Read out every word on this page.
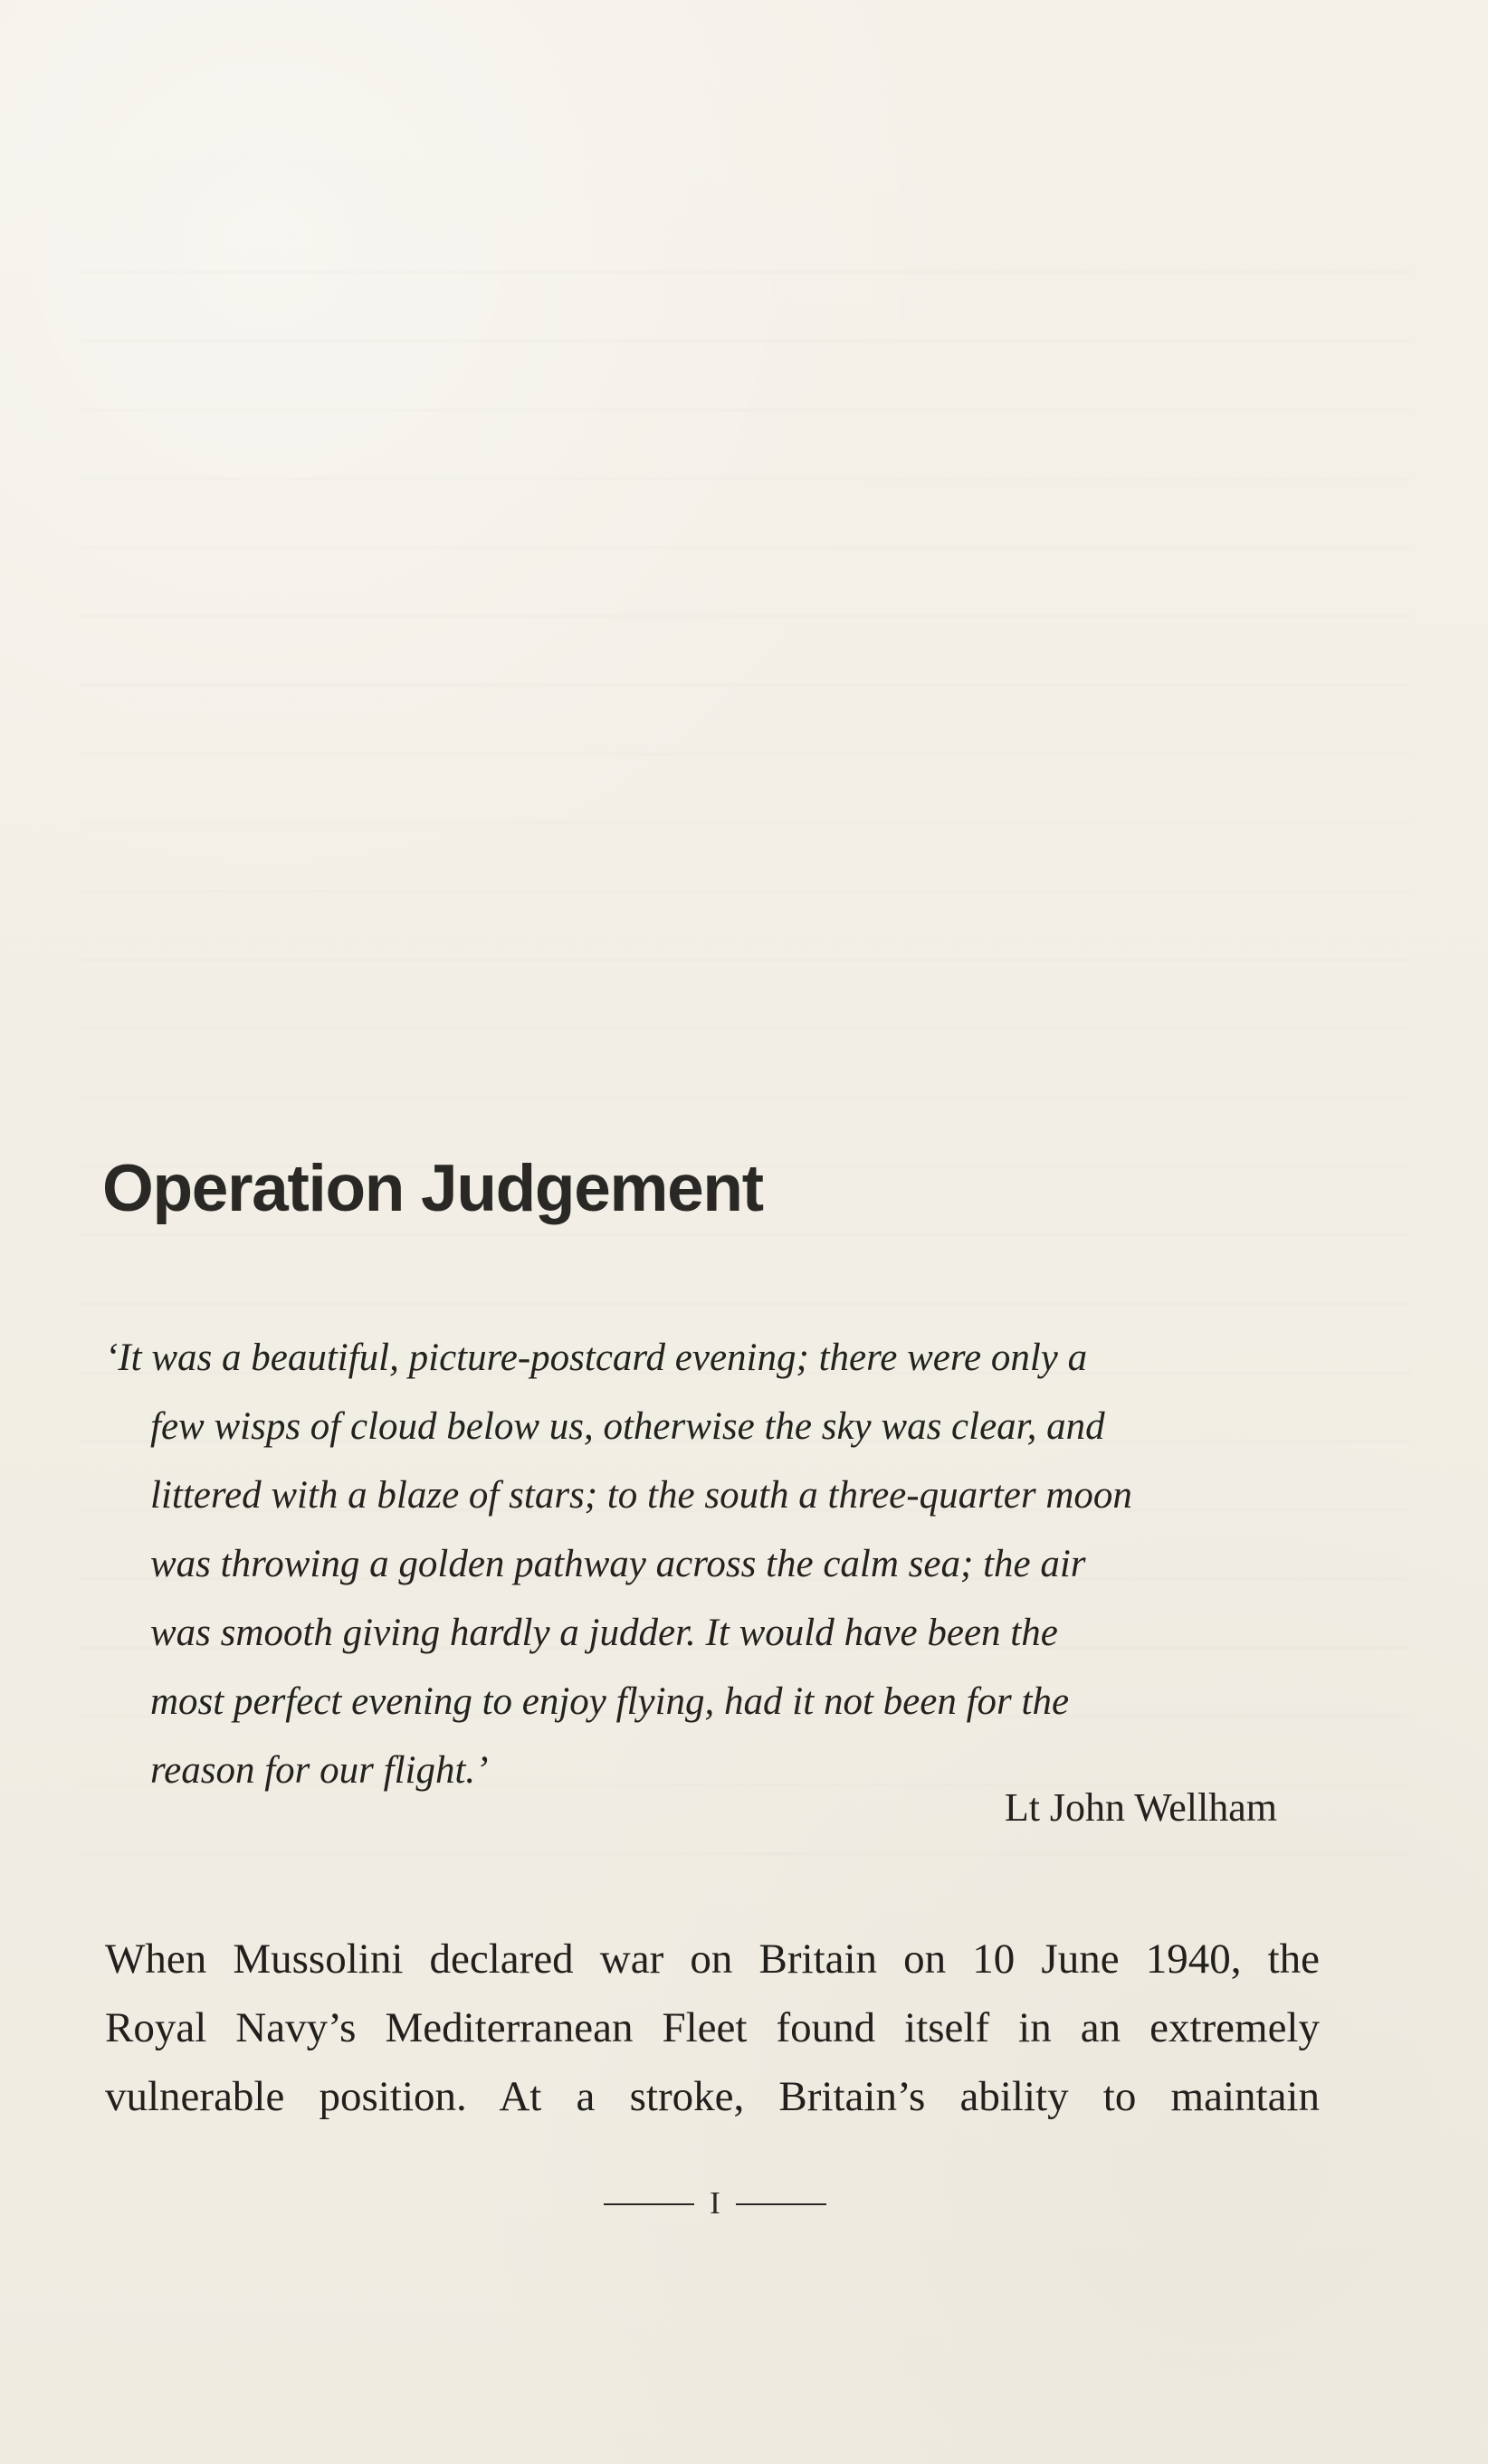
Operation Judgement
‘It was a beautiful, picture-postcard evening; there were only a
few wisps of cloud below us, otherwise the sky was clear, and
littered with a blaze of stars; to the south a three-quarter moon
was throwing a golden pathway across the calm sea; the air
was smooth giving hardly a judder. It would have been the
most perfect evening to enjoy flying, had it not been for the
reason for our flight.’
Lt John Wellham
When Mussolini declared war on Britain on 10 June 1940, the
Royal Navy’s Mediterranean Fleet found itself in an extremely
vulnerable position. At a stroke, Britain’s ability to maintain
I
